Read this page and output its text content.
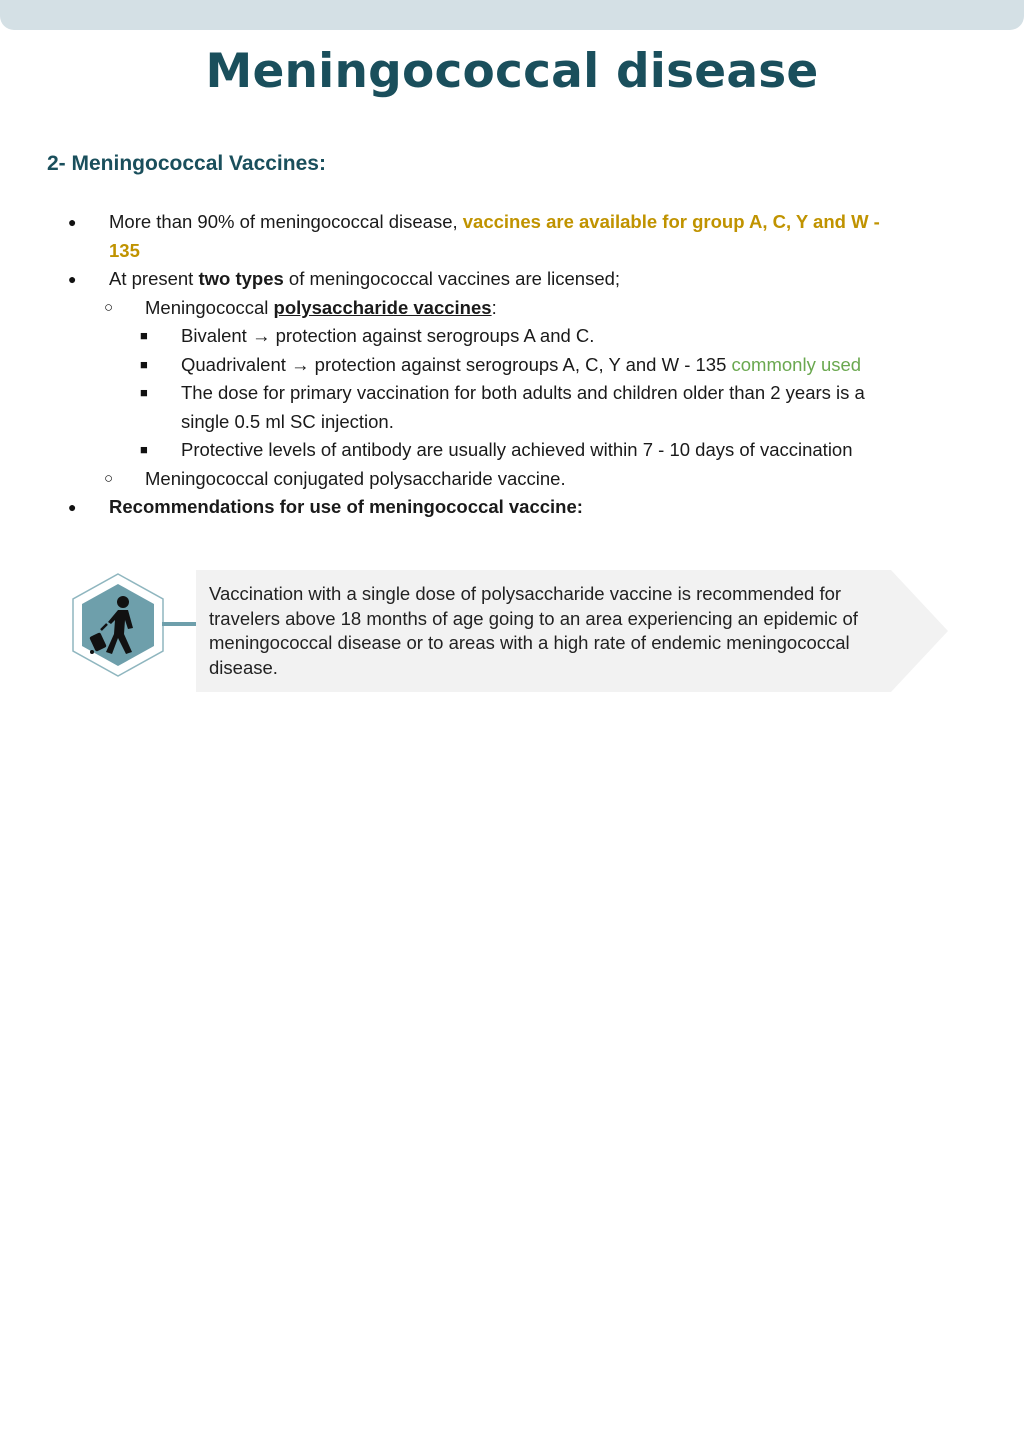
Meningococcal disease
2- Meningococcal Vaccines:
● More than 90% of meningococcal disease, vaccines are available for group A, C, Y and W -
135
● At present two types of meningococcal vaccines are licensed;
○ Meningococcal polysaccharide vaccines:
■ Bivalent → protection against serogroups A and C.
■ Quadrivalent → protection against serogroups A, C, Y and W - 135 commonly used
■ The dose for primary vaccination for both adults and children older than 2 years is a
single 0.5 ml SC injection.
■ Protective levels of antibody are usually achieved within 7 - 10 days of vaccination
○ Meningococcal conjugated polysaccharide vaccine.
● Recommendations for use of meningococcal vaccine:
Vaccination with a single dose of polysaccharide vaccine is recommended for travelers above 18 months of age going to an area experiencing an epidemic of meningococcal disease or to areas with a high rate of endemic meningococcal disease.
